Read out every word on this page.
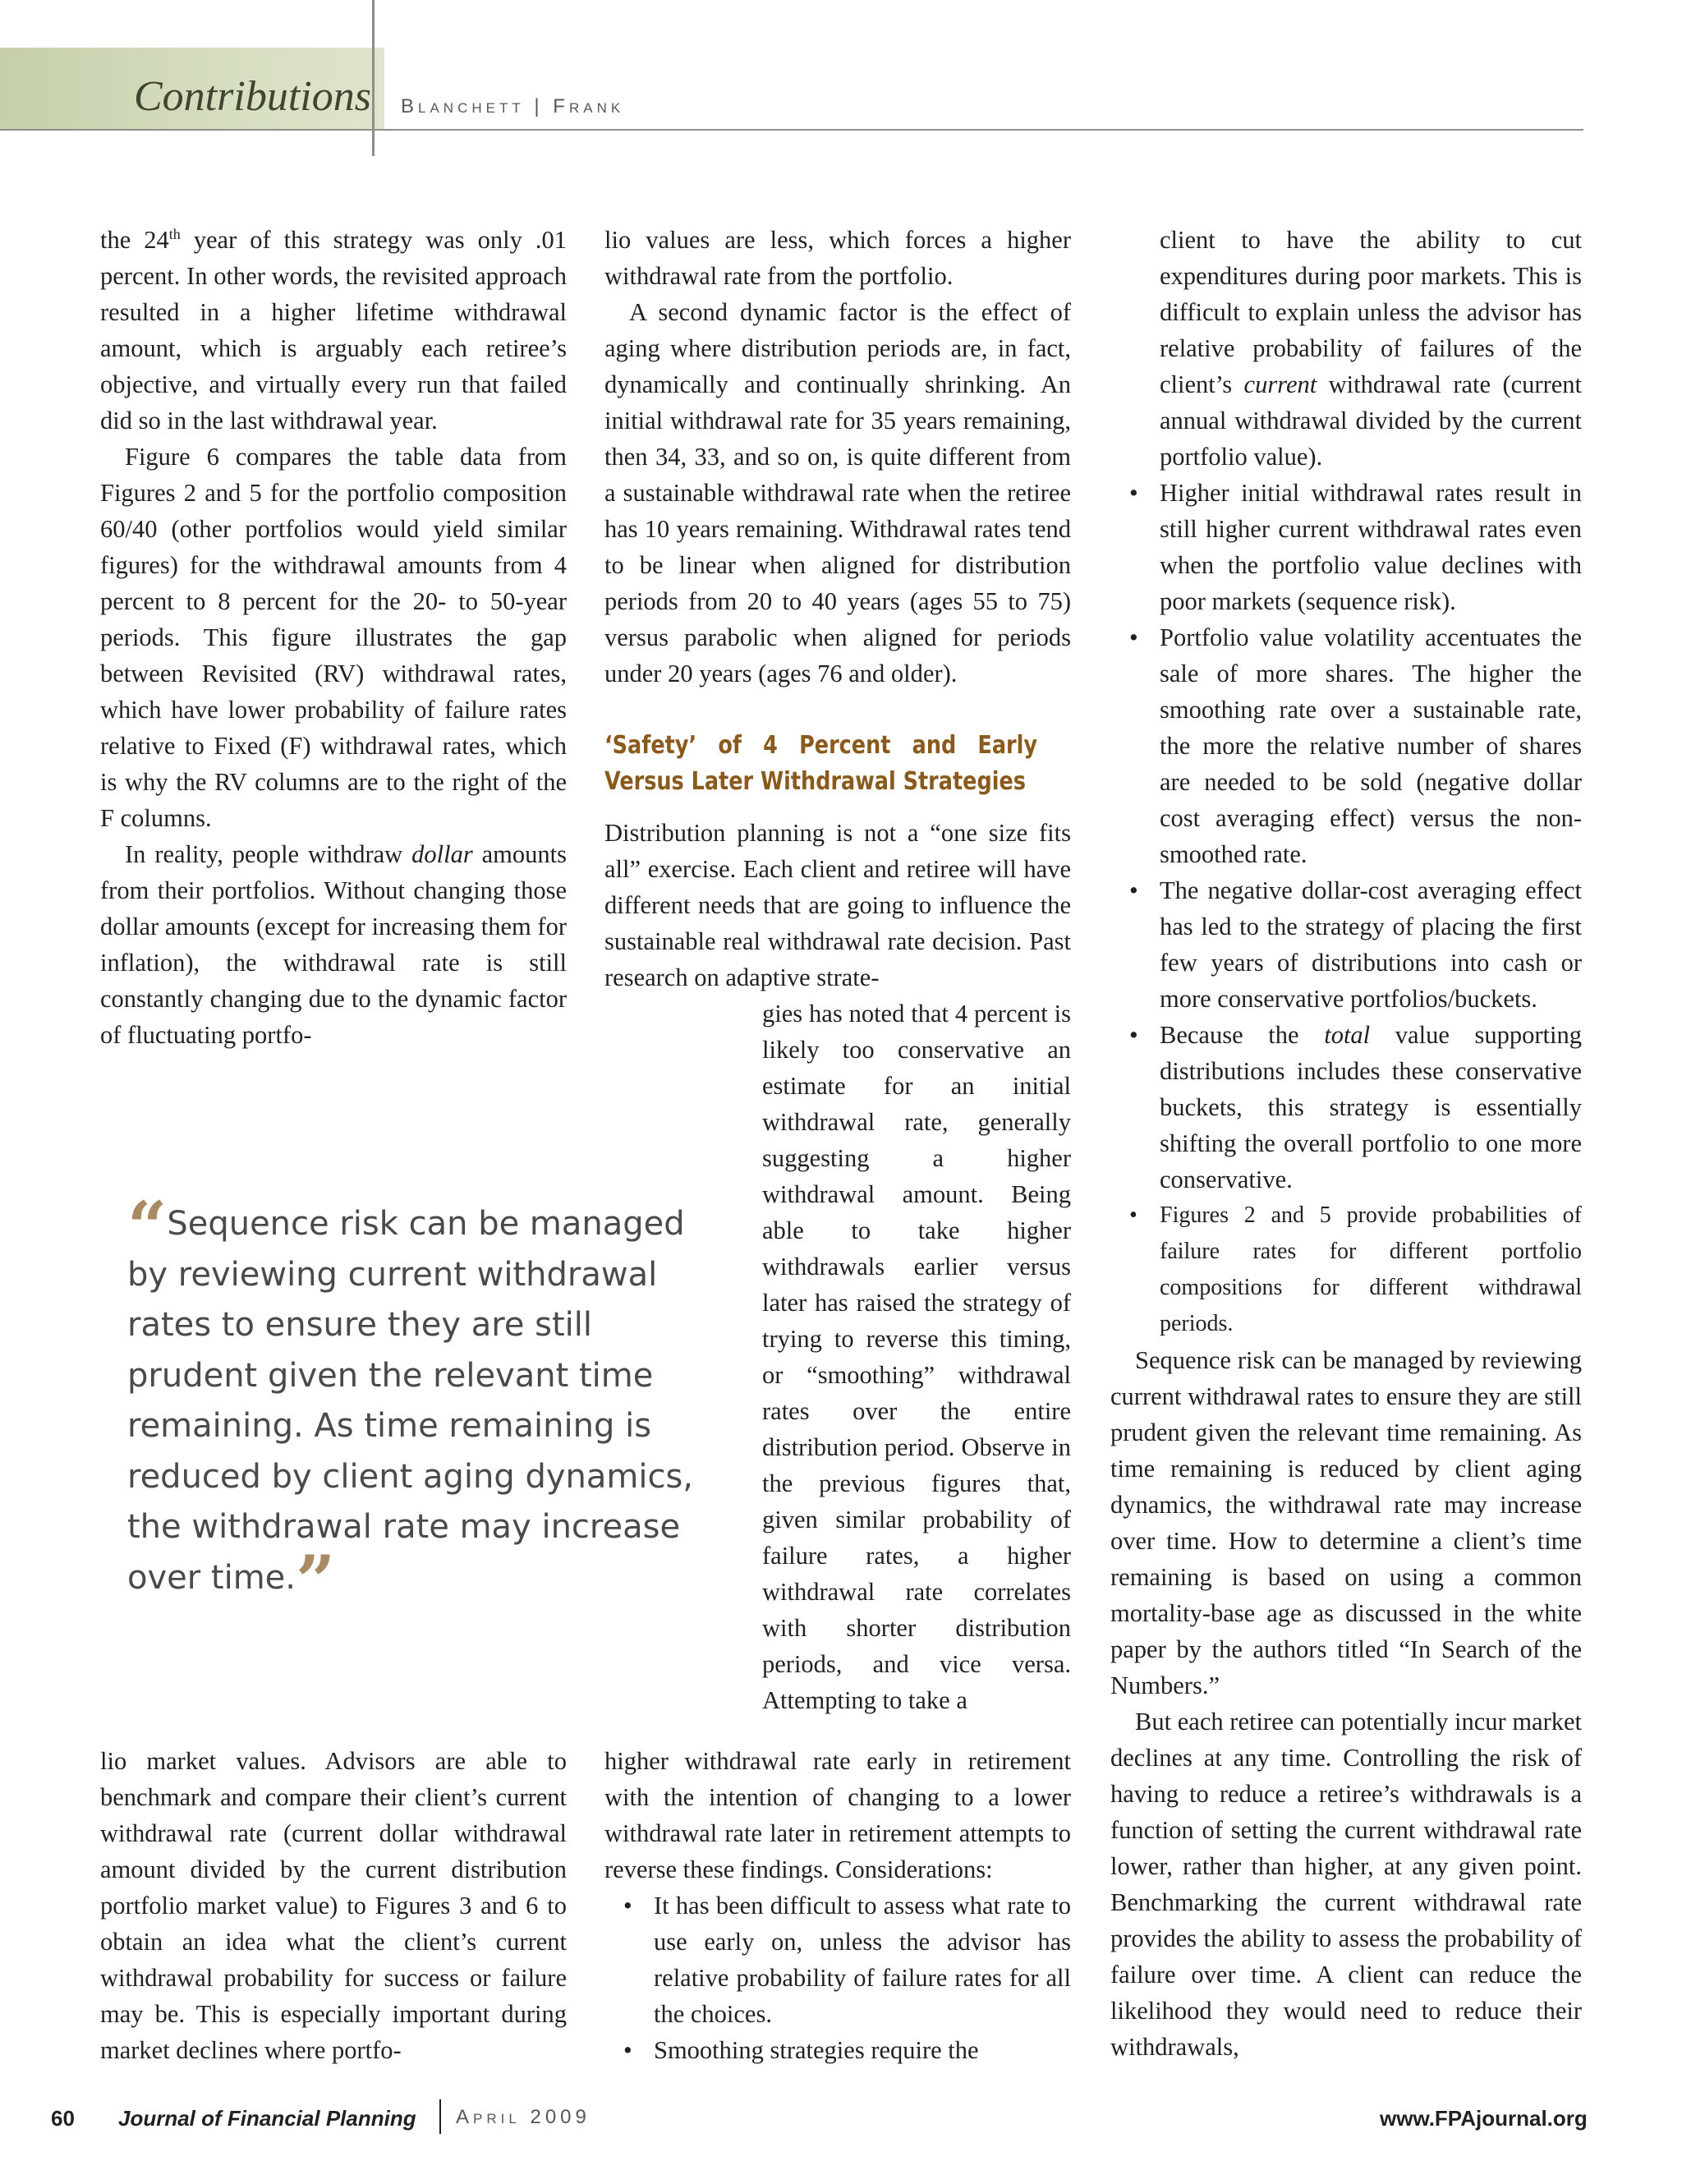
Contributions Blanchett | Frank

the 24th year of this strategy was only .01 percent. In other words, the revisited approach resulted in a higher lifetime withdrawal amount, which is arguably each retiree’s objective, and virtually every run that failed did so in the last withdrawal year.

Figure 6 compares the table data from Figures 2 and 5 for the portfolio composition 60/40 (other portfolios would yield similar figures) for the withdrawal amounts from 4 percent to 8 percent for the 20- to 50-year periods. This figure illustrates the gap between Revisited (RV) withdrawal rates, which have lower probability of failure rates relative to Fixed (F) withdrawal rates, which is why the RV columns are to the right of the F columns.

In reality, people withdraw dollar amounts from their portfolios. Without changing those dollar amounts (except for increasing them for inflation), the withdrawal rate is still constantly changing due to the dynamic factor of fluctuating portfo-

lio values are less, which forces a higher withdrawal rate from the portfolio.

A second dynamic factor is the effect of aging where distribution periods are, in fact, dynamically and continually shrinking. An initial withdrawal rate for 35 years remaining, then 34, 33, and so on, is quite different from a sustainable withdrawal rate when the retiree has 10 years remaining. Withdrawal rates tend to be linear when aligned for distribution periods from 20 to 40 years (ages 55 to 75) versus parabolic when aligned for periods under 20 years (ages 76 and older).

‘Safety’ of 4 Percent and Early Versus Later Withdrawal Strategies

Distribution planning is not a “one size fits all” exercise. Each client and retiree will have different needs that are going to influence the sustainable real withdrawal rate decision. Past research on adaptive strate-

gies has noted that 4 percent is likely too conservative an estimate for an initial withdrawal rate, generally suggesting a higher withdrawal amount. Being able to take higher withdrawals earlier versus later has raised the strategy of trying to reverse this timing, or “smoothing” withdrawal rates over the entire distribution period. Observe in the previous figures that, given similar probability of failure rates, a higher withdrawal rate correlates with shorter distribution periods, and vice versa. Attempting to take a

client to have the ability to cut expenditures during poor markets. This is difficult to explain unless the advisor has relative probability of failures of the client’s current withdrawal rate (current annual withdrawal divided by the current portfolio value).

• Higher initial withdrawal rates result in still higher current withdrawal rates even when the portfolio value declines with poor markets (sequence risk).
• Portfolio value volatility accentuates the sale of more shares. The higher the smoothing rate over a sustainable rate, the more the relative number of shares are needed to be sold (negative dollar cost averaging effect) versus the non-smoothed rate.
• The negative dollar-cost averaging effect has led to the strategy of placing the first few years of distributions into cash or more conservative portfolios/buckets.
• Because the total value supporting distributions includes these conservative buckets, this strategy is essentially shifting the overall portfolio to one more conservative.
• Figures 2 and 5 provide probabilities of failure rates for different portfolio compositions for different withdrawal periods.

Sequence risk can be managed by reviewing current withdrawal rates to ensure they are still prudent given the relevant time remaining. As time remaining is reduced by client aging dynamics, the withdrawal rate may increase over time. How to determine a client’s time remaining is based on using a common mortality-base age as discussed in the white paper by the authors titled “In Search of the Numbers.”

But each retiree can potentially incur market declines at any time. Controlling the risk of having to reduce a retiree’s withdrawals is a function of setting the current withdrawal rate lower, rather than higher, at any given point. Benchmarking the current withdrawal rate provides the ability to assess the probability of failure over time. A client can reduce the likelihood they would need to reduce their withdrawals,

“Sequence risk can be managed by reviewing current withdrawal rates to ensure they are still prudent given the relevant time remaining. As time remaining is reduced by client aging dynamics, the withdrawal rate may increase over time.”

lio market values. Advisors are able to benchmark and compare their client’s current withdrawal rate (current dollar withdrawal amount divided by the current distribution portfolio market value) to Figures 3 and 6 to obtain an idea what the client’s current withdrawal probability for success or failure may be. This is especially important during market declines where portfo-

higher withdrawal rate early in retirement with the intention of changing to a lower withdrawal rate later in retirement attempts to reverse these findings. Considerations:

• It has been difficult to assess what rate to use early on, unless the advisor has relative probability of failure rates for all the choices.
• Smoothing strategies require the
60 Journal of Financial Planning April 2009	www.FPAjournal.org
